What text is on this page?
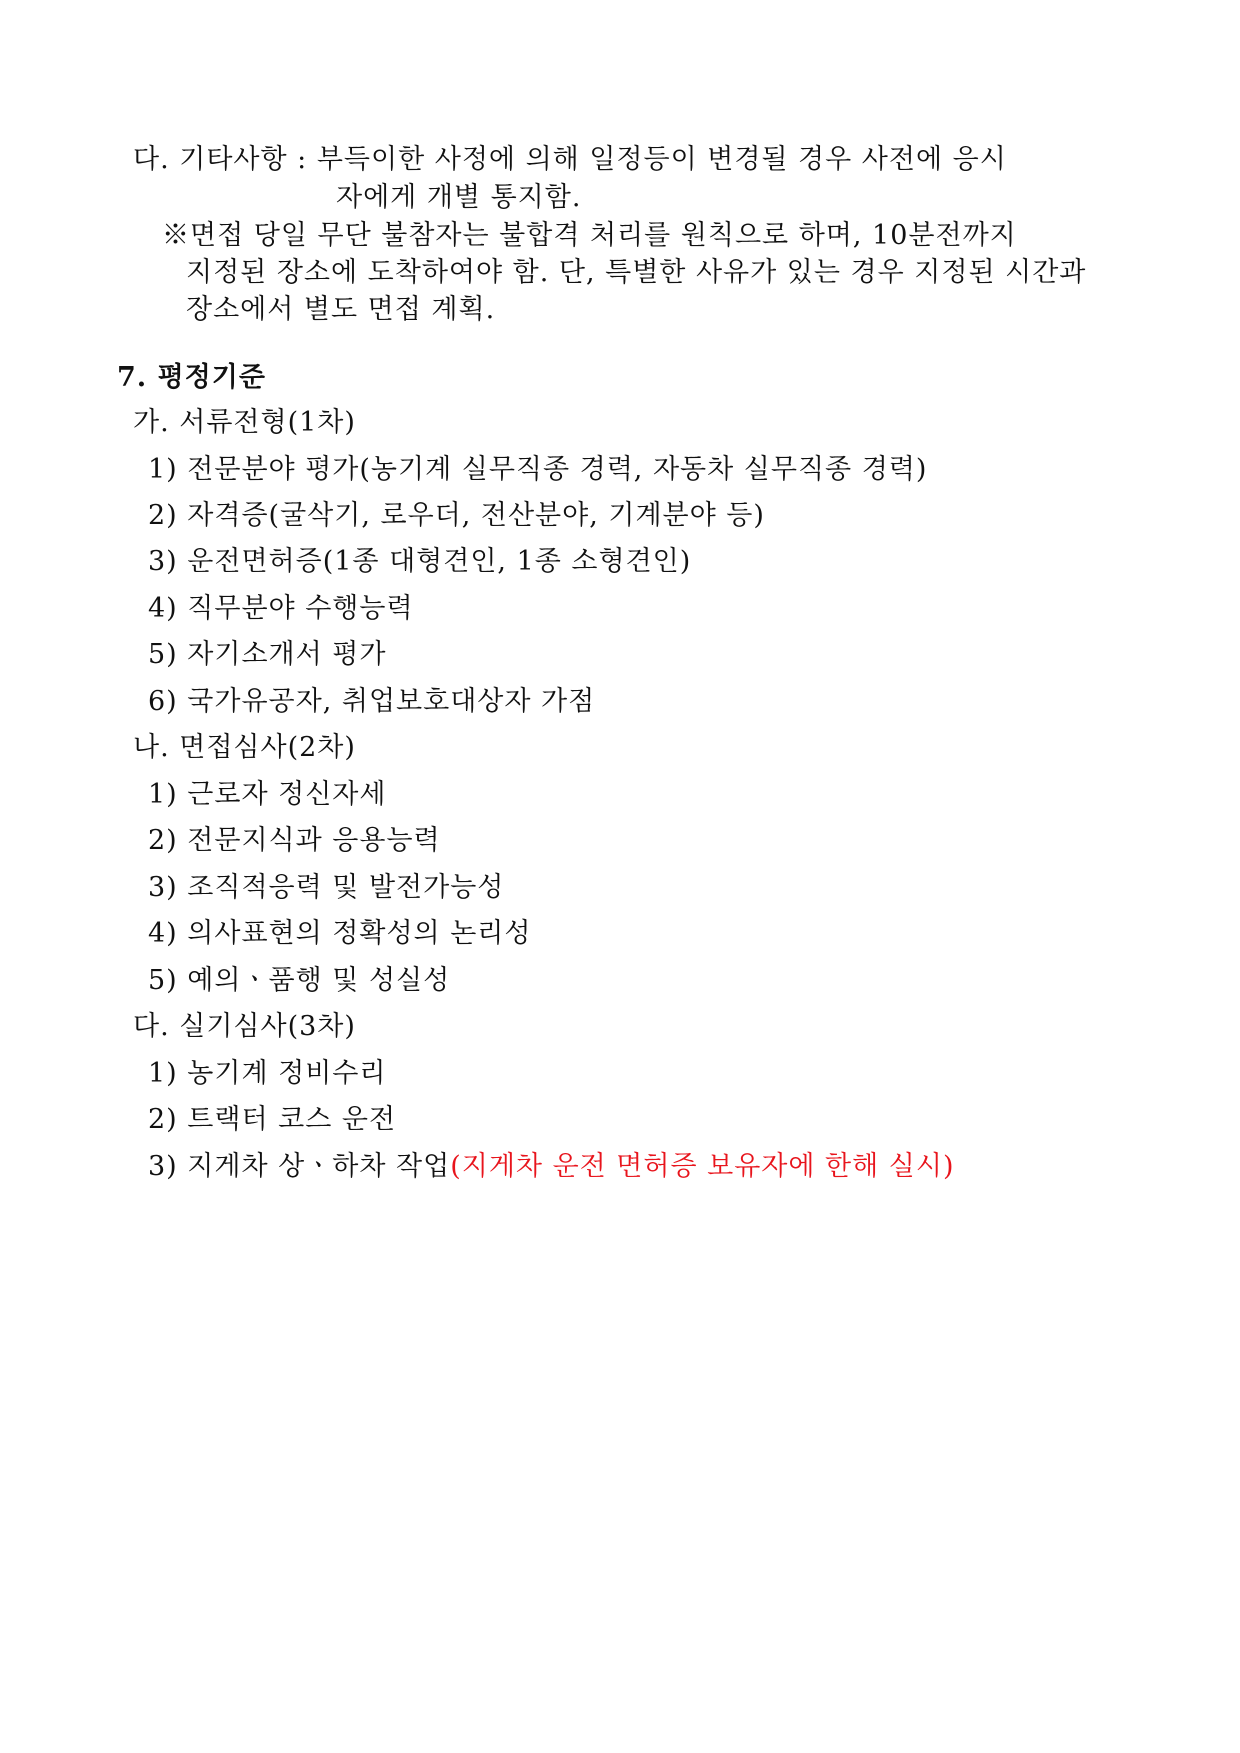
다. 기타사항 : 부득이한 사정에 의해 일정등이 변경될 경우 사전에 응시
자에게 개별 통지함.
※면접 당일 무단 불참자는 불합격 처리를 원칙으로 하며, 10분전까지
지정된 장소에 도착하여야 함. 단, 특별한 사유가 있는 경우 지정된 시간과
장소에서 별도 면접 계획.
7. 평정기준
가. 서류전형(1차)
1) 전문분야 평가(농기계 실무직종 경력, 자동차 실무직종 경력)
2) 자격증(굴삭기, 로우더, 전산분야, 기계분야 등)
3) 운전면허증(1종 대형견인, 1종 소형견인)
4) 직무분야 수행능력
5) 자기소개서 평가
6) 국가유공자, 취업보호대상자 가점
나. 면접심사(2차)
1) 근로자 정신자세
2) 전문지식과 응용능력
3) 조직적응력 및 발전가능성
4) 의사표현의 정확성의 논리성
5) 예의ㆍ품행 및 성실성
다. 실기심사(3차)
1) 농기계 정비수리
2) 트랙터 코스 운전
3) 지게차 상ㆍ하차 작업(지게차 운전 면허증 보유자에 한해 실시)
